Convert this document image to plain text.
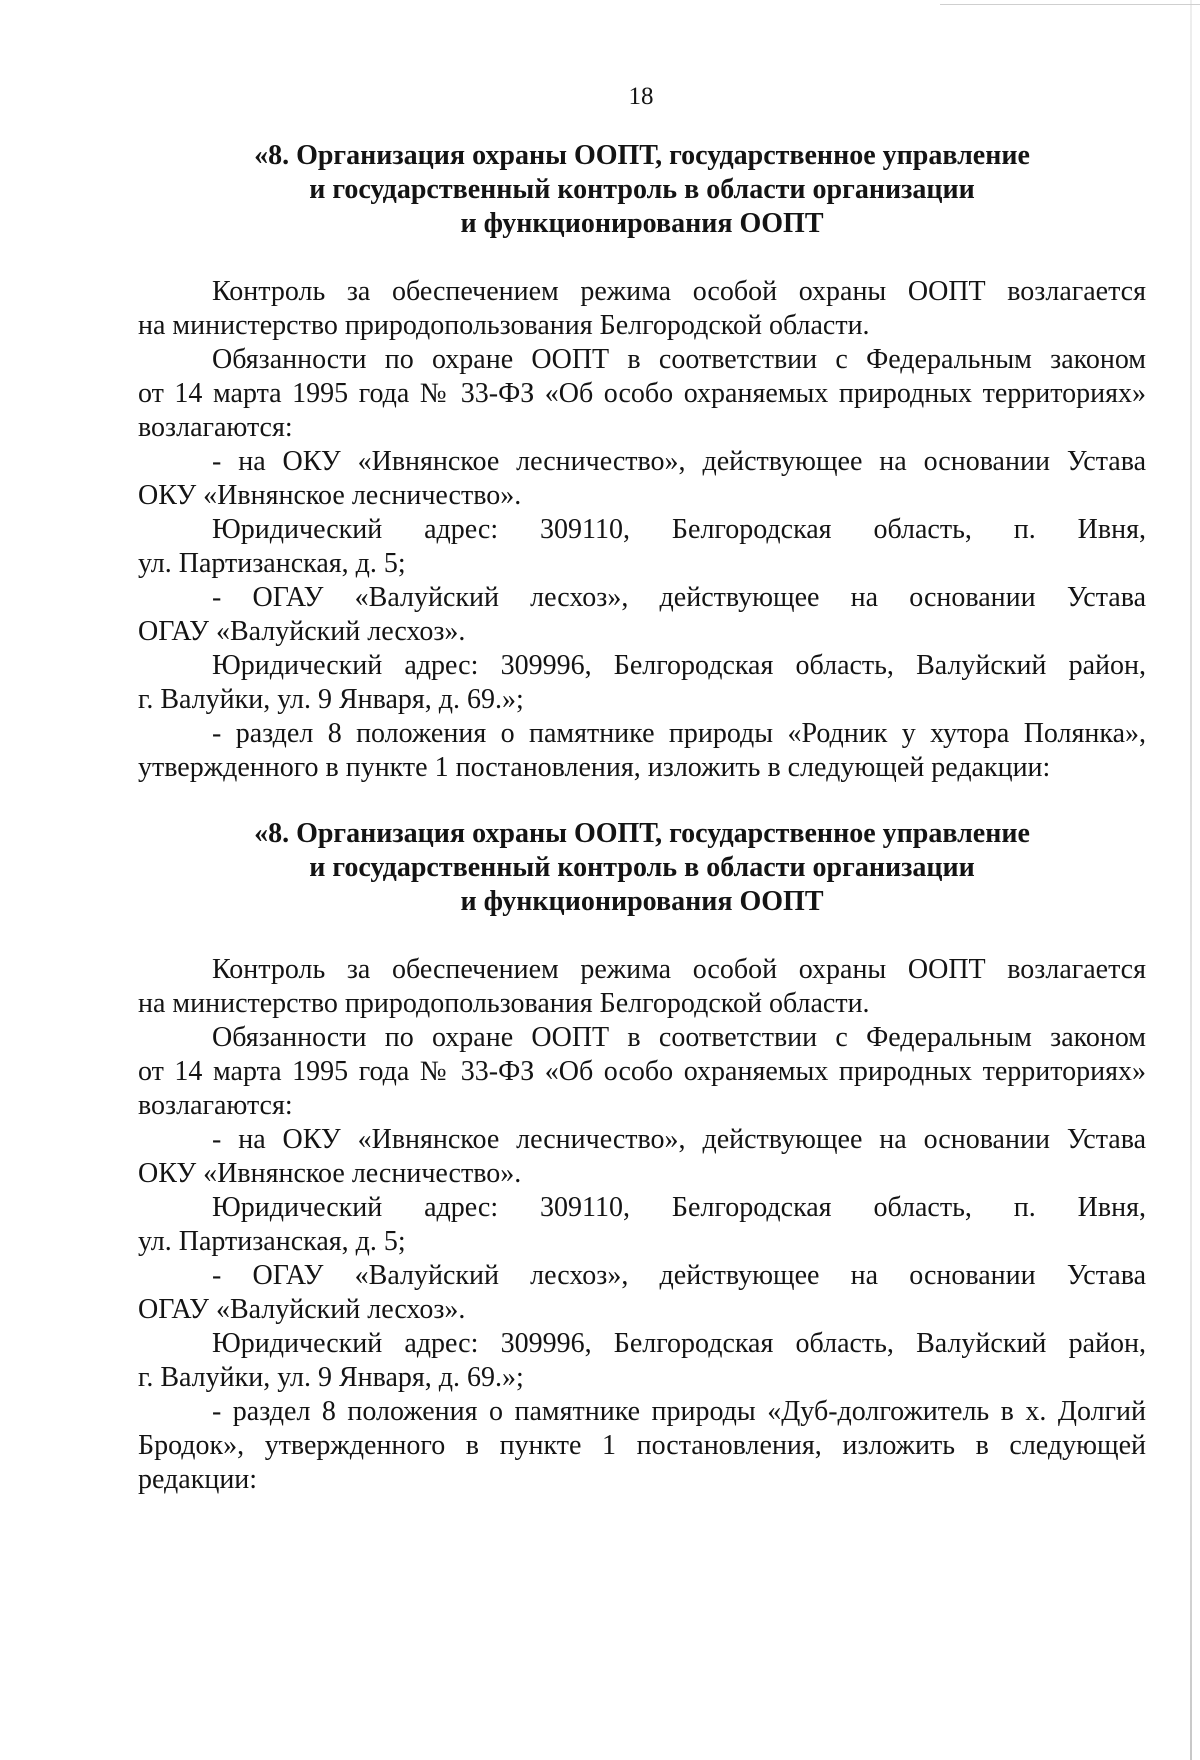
18
«8. Организация охраны ООПТ, государственное управление
и государственный контроль в области организации
и функционирования ООПТ
Контроль за обеспечением режима особой охраны ООПТ возлагается
на министерство природопользования Белгородской области.
Обязанности по охране ООПТ в соответствии с Федеральным законом
от 14 марта 1995 года № 33-ФЗ «Об особо охраняемых природных территориях»
возлагаются:
- на ОКУ «Ивнянское лесничество», действующее на основании Устава
ОКУ «Ивнянское лесничество».
Юридический адрес: 309110, Белгородская область, п. Ивня,
ул. Партизанская, д. 5;
- ОГАУ «Валуйский лесхоз», действующее на основании Устава
ОГАУ «Валуйский лесхоз».
Юридический адрес: 309996, Белгородская область, Валуйский район,
г. Валуйки, ул. 9 Января, д. 69.»;
- раздел 8 положения о памятнике природы «Родник у хутора Полянка»,
утвержденного в пункте 1 постановления, изложить в следующей редакции:
«8. Организация охраны ООПТ, государственное управление
и государственный контроль в области организации
и функционирования ООПТ
Контроль за обеспечением режима особой охраны ООПТ возлагается
на министерство природопользования Белгородской области.
Обязанности по охране ООПТ в соответствии с Федеральным законом
от 14 марта 1995 года № 33-ФЗ «Об особо охраняемых природных территориях»
возлагаются:
- на ОКУ «Ивнянское лесничество», действующее на основании Устава
ОКУ «Ивнянское лесничество».
Юридический адрес: 309110, Белгородская область, п. Ивня,
ул. Партизанская, д. 5;
- ОГАУ «Валуйский лесхоз», действующее на основании Устава
ОГАУ «Валуйский лесхоз».
Юридический адрес: 309996, Белгородская область, Валуйский район,
г. Валуйки, ул. 9 Января, д. 69.»;
- раздел 8 положения о памятнике природы «Дуб-долгожитель в х. Долгий
Бродок», утвержденного в пункте 1 постановления, изложить в следующей
редакции:
